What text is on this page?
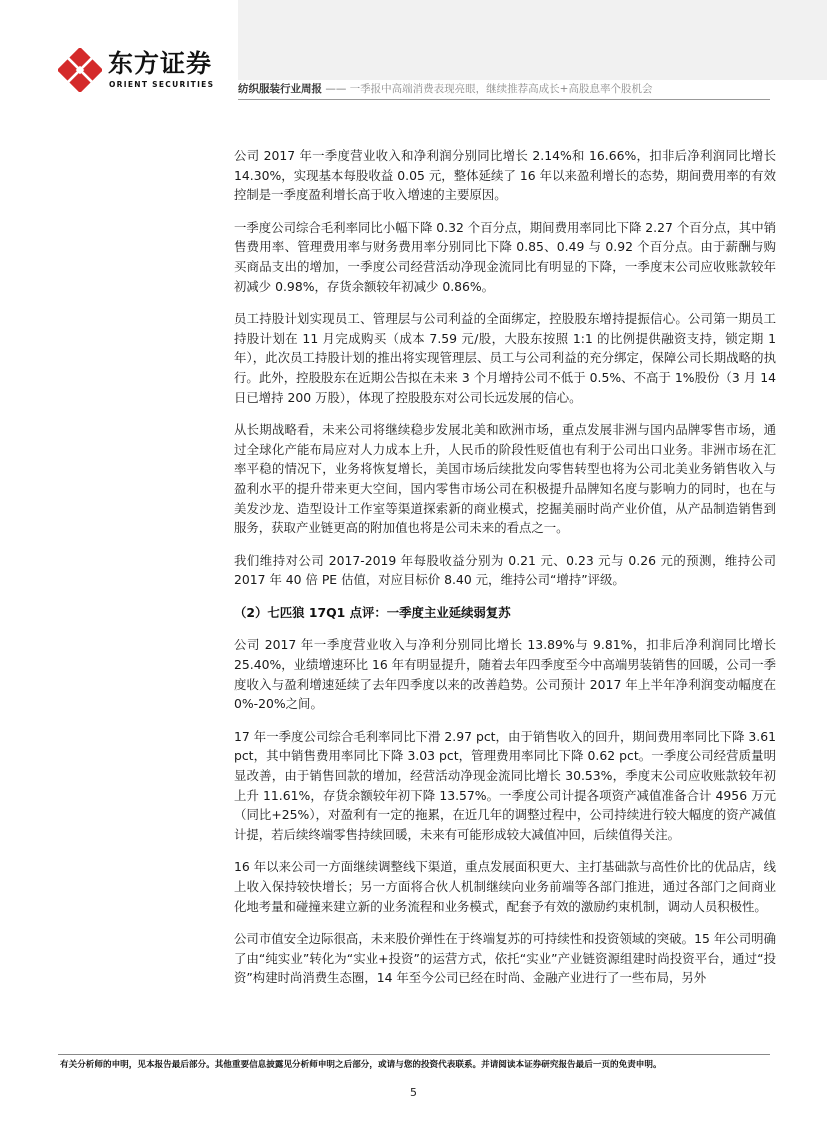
东方证券
ORIENT SECURITIES 纺织服装行业周报 —— 一季报中高端消费表现亮眼，继续推荐高成长+高股息率个股机会

公司 2017 年一季度营业收入和净利润分别同比增长 2.14%和 16.66%，扣非后净利润同比增长 14.30%，实现基本每股收益 0.05 元，整体延续了 16 年以来盈利增长的态势，期间费用率的有效控制是一季度盈利增长高于收入增速的主要原因。

一季度公司综合毛利率同比小幅下降 0.32 个百分点，期间费用率同比下降 2.27 个百分点，其中销售费用率、管理费用率与财务费用率分别同比下降 0.85、0.49 与 0.92 个百分点。由于薪酬与购买商品支出的增加，一季度公司经营活动净现金流同比有明显的下降，一季度末公司应收账款较年初减少 0.98%，存货余额较年初减少 0.86%。

员工持股计划实现员工、管理层与公司利益的全面绑定，控股股东增持提振信心。公司第一期员工持股计划在 11 月完成购买（成本 7.59 元/股，大股东按照 1:1 的比例提供融资支持，锁定期 1 年），此次员工持股计划的推出将实现管理层、员工与公司利益的充分绑定，保障公司长期战略的执行。此外，控股股东在近期公告拟在未来 3 个月增持公司不低于 0.5%、不高于 1%股份（3 月 14 日已增持 200 万股），体现了控股股东对公司长远发展的信心。

从长期战略看，未来公司将继续稳步发展北美和欧洲市场，重点发展非洲与国内品牌零售市场，通过全球化产能布局应对人力成本上升，人民币的阶段性贬值也有利于公司出口业务。非洲市场在汇率平稳的情况下，业务将恢复增长，美国市场后续批发向零售转型也将为公司北美业务销售收入与盈利水平的提升带来更大空间，国内零售市场公司在积极提升品牌知名度与影响力的同时，也在与美发沙龙、造型设计工作室等渠道探索新的商业模式，挖掘美丽时尚产业价值，从产品制造销售到服务，获取产业链更高的附加值也将是公司未来的看点之一。

我们维持对公司 2017-2019 年每股收益分别为 0.21 元、0.23 元与 0.26 元的预测，维持公司 2017 年 40 倍 PE 估值，对应目标价 8.40 元，维持公司“增持”评级。

（2）七匹狼 17Q1 点评：一季度主业延续弱复苏

公司 2017 年一季度营业收入与净利分别同比增长 13.89%与 9.81%，扣非后净利润同比增长 25.40%，业绩增速环比 16 年有明显提升，随着去年四季度至今中高端男装销售的回暖，公司一季度收入与盈利增速延续了去年四季度以来的改善趋势。公司预计 2017 年上半年净利润变动幅度在 0%-20%之间。

17 年一季度公司综合毛利率同比下滑 2.97 pct，由于销售收入的回升，期间费用率同比下降 3.61 pct，其中销售费用率同比下降 3.03 pct，管理费用率同比下降 0.62 pct。一季度公司经营质量明显改善，由于销售回款的增加，经营活动净现金流同比增长 30.53%，季度末公司应收账款较年初上升 11.61%，存货余额较年初下降 13.57%。一季度公司计提各项资产减值准备合计 4956 万元（同比+25%），对盈利有一定的拖累，在近几年的调整过程中，公司持续进行较大幅度的资产减值计提，若后续终端零售持续回暖，未来有可能形成较大减值冲回，后续值得关注。

16 年以来公司一方面继续调整线下渠道，重点发展面积更大、主打基础款与高性价比的优品店，线上收入保持较快增长；另一方面将合伙人机制继续向业务前端等各部门推进，通过各部门之间商业化地考量和碰撞来建立新的业务流程和业务模式，配套予有效的激励约束机制，调动人员积极性。

公司市值安全边际很高，未来股价弹性在于终端复苏的可持续性和投资领域的突破。15 年公司明确了由“纯实业”转化为“实业+投资”的运营方式，依托“实业”产业链资源组建时尚投资平台，通过“投资”构建时尚消费生态圈，14 年至今公司已经在时尚、金融产业进行了一些布局，另外

有关分析师的申明，见本报告最后部分。其他重要信息披露见分析师申明之后部分，或请与您的投资代表联系。并请阅读本证券研究报告最后一页的免责申明。
5
